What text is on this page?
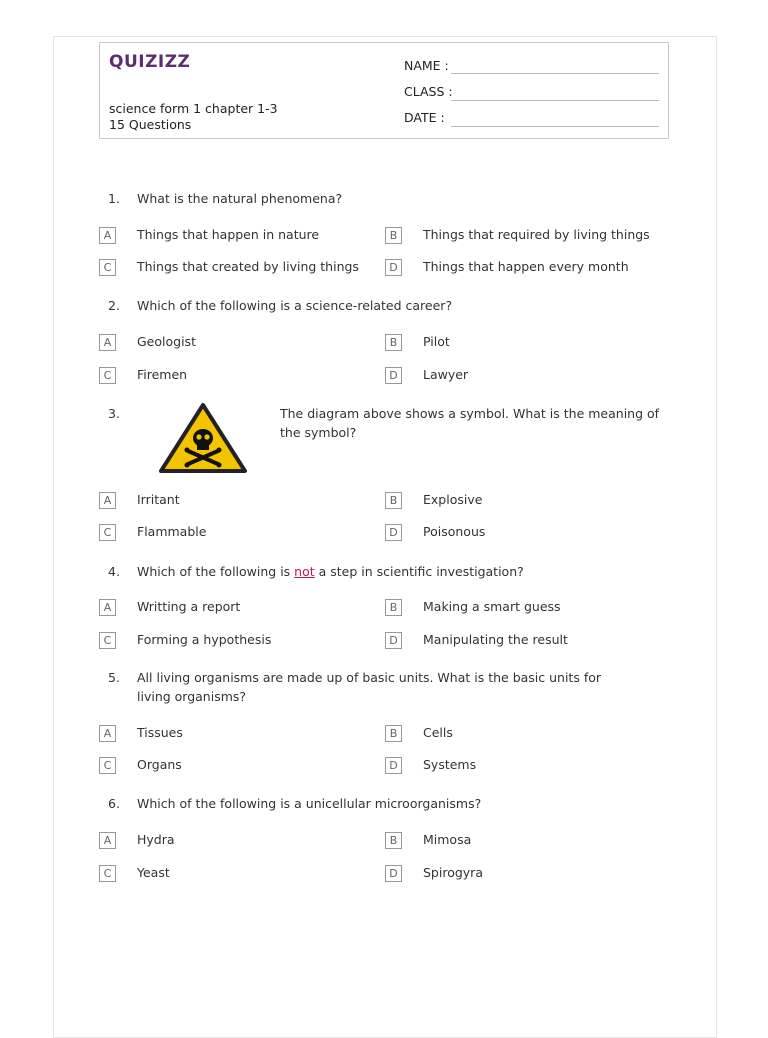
QUIZIZZ
science form 1 chapter 1-3
15 Questions
NAME :
CLASS :
DATE :
1. What is the natural phenomena?
A	Things that happen in nature	B	Things that required by living things
C	Things that created by living things	D	Things that happen every month
2. Which of the following is a science-related career?
A	Geologist	B	Pilot
C	Firemen	D	Lawyer
3.	The diagram above shows a symbol. What is the meaning of the symbol?
A	Irritant	B	Explosive
C	Flammable	D	Poisonous
4. Which of the following is not a step in scientific investigation?
A	Writting a report	B	Making a smart guess
C	Forming a hypothesis	D	Manipulating the result
5. All living organisms are made up of basic units. What is the basic units for living organisms?
A	Tissues	B	Cells
C	Organs	D	Systems
6. Which of the following is a unicellular microorganisms?
A	Hydra	B	Mimosa
C	Yeast	D	Spirogyra
